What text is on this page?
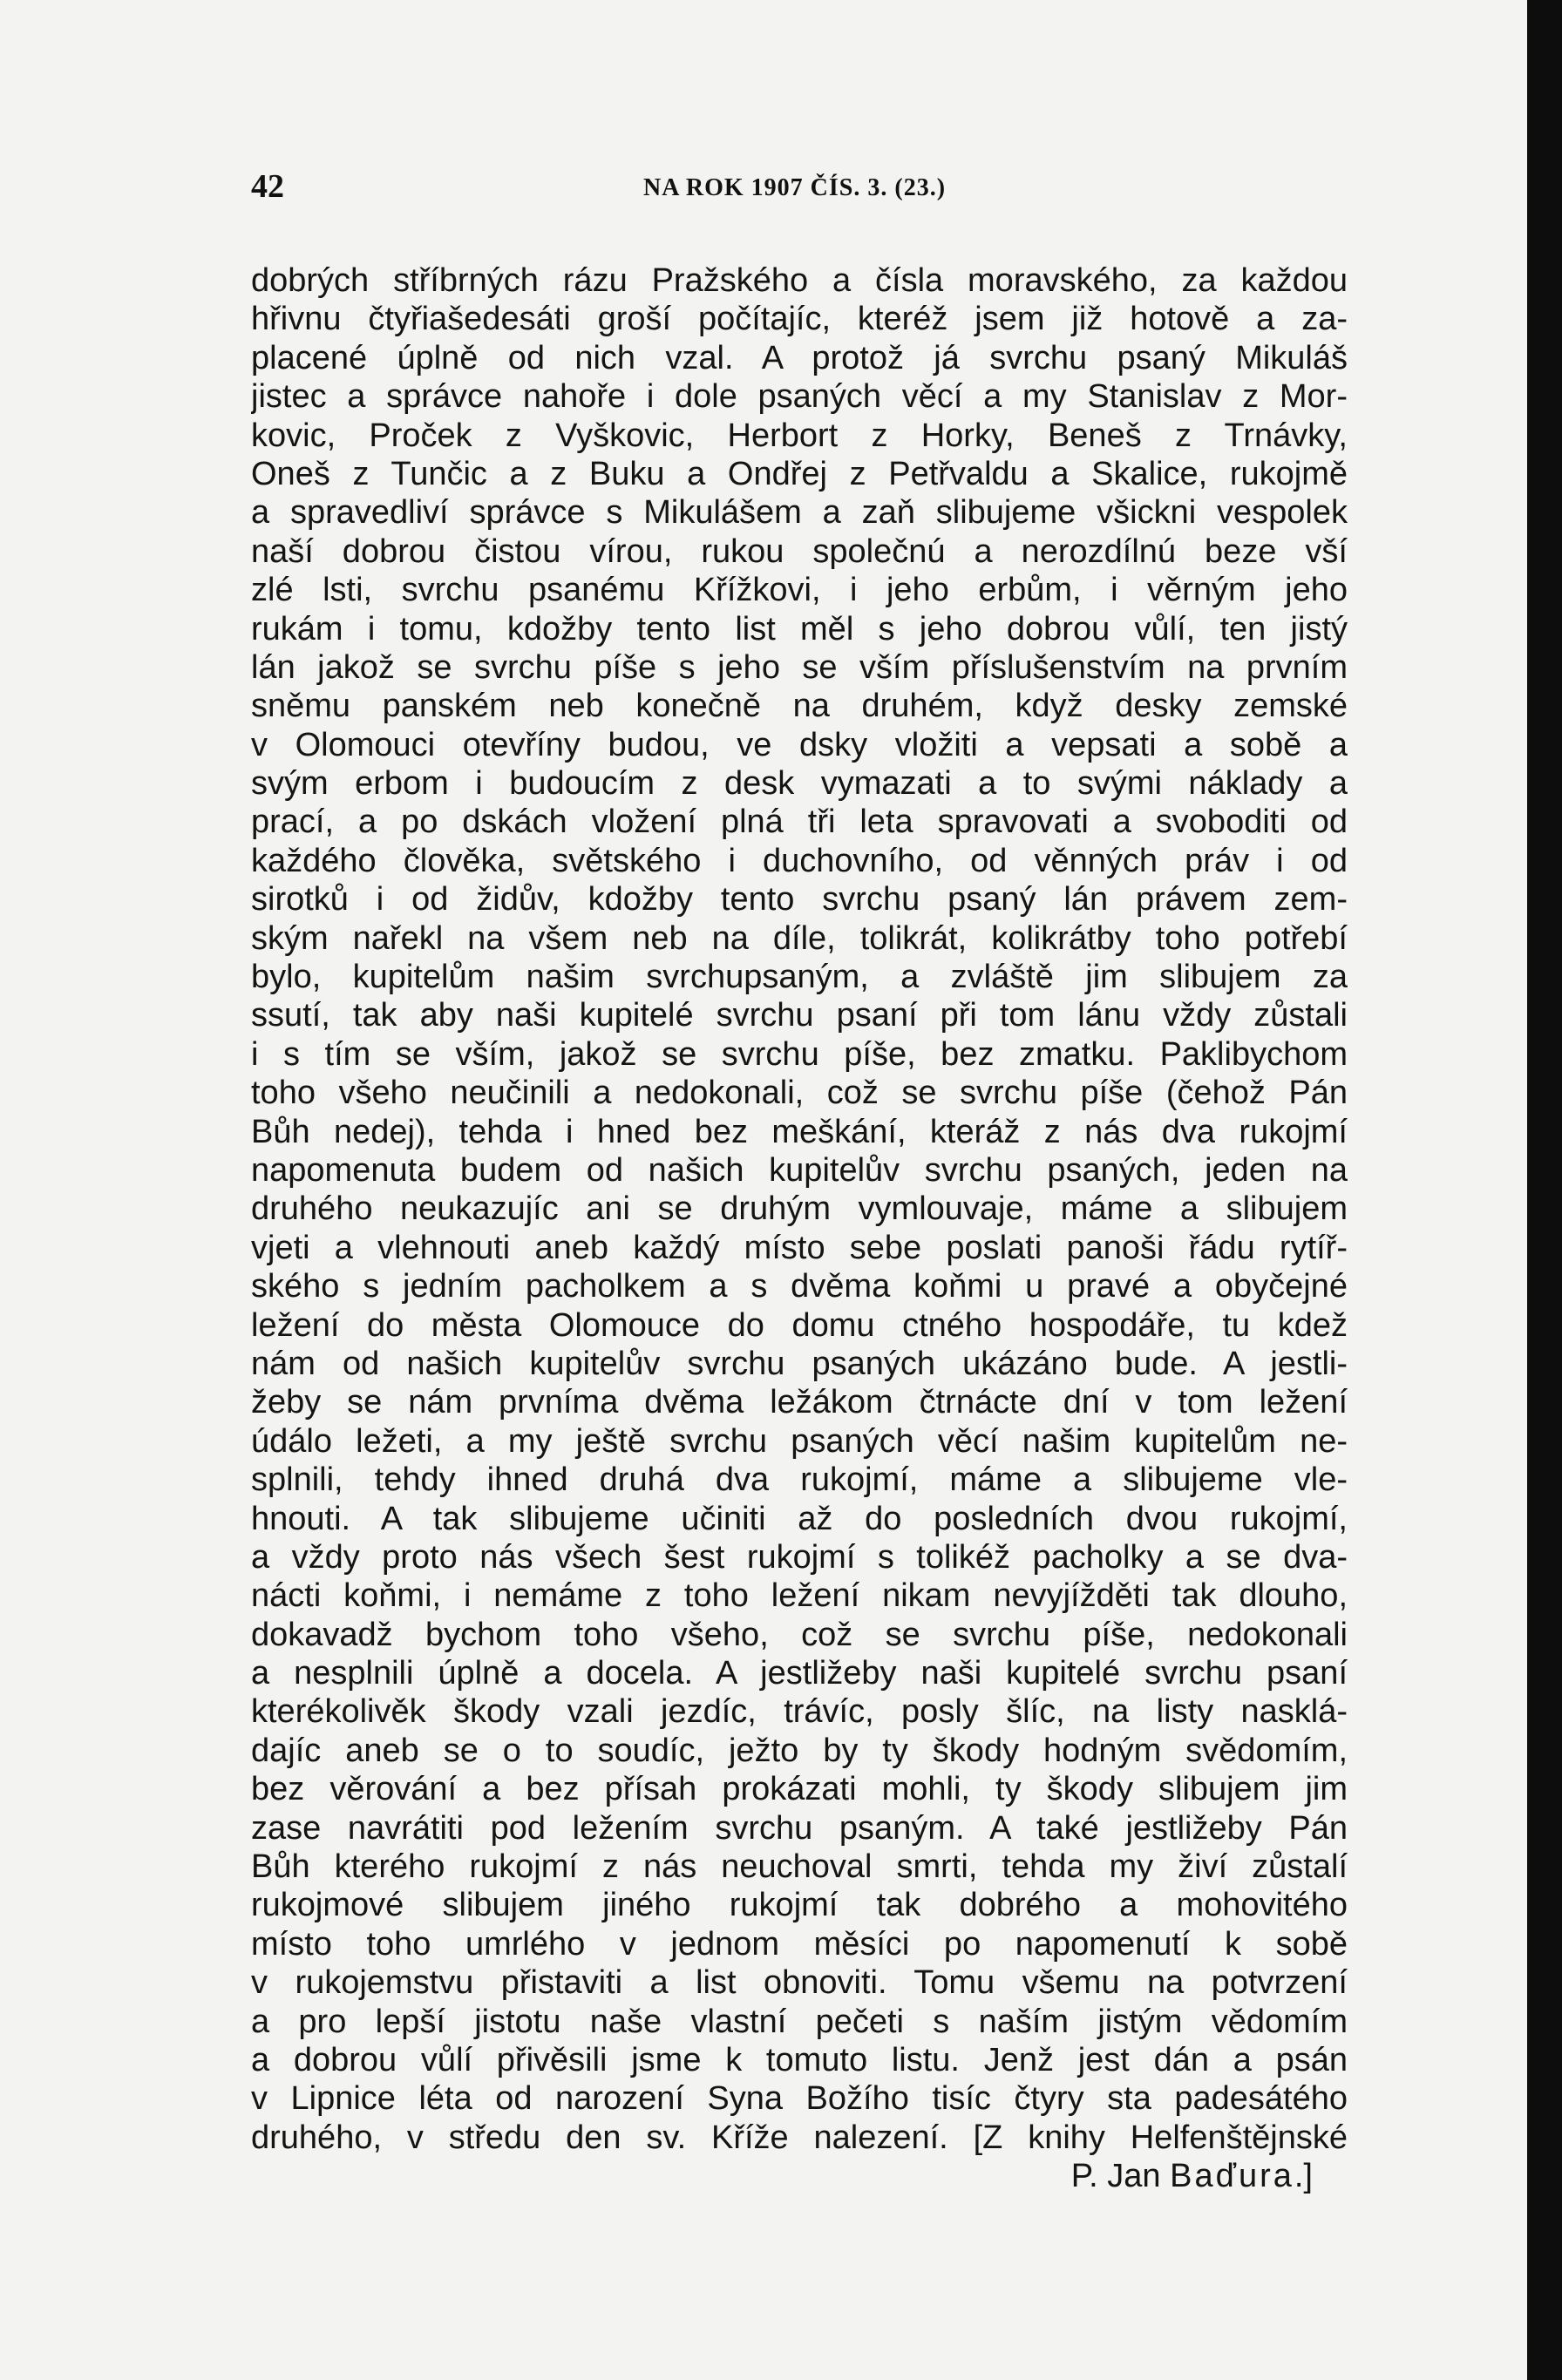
42	NA ROK 1907 ČÍS. 3. (23.)
dobrých stříbrných rázu Pražského a čísla moravského, za každou
hřivnu čtyřiašedesáti groší počítajíc, kteréž jsem již hotově a za-
placené úplně od nich vzal. A protož já svrchu psaný Mikuláš
jistec a správce nahoře i dole psaných věcí a my Stanislav z Mor-
kovic, Proček z Vyškovic, Herbort z Horky, Beneš z Trnávky,
Oneš z Tunčic a z Buku a Ondřej z Petřvaldu a Skalice, rukojmě
a spravedliví správce s Mikulášem a zaň slibujeme všickni vespolek
naší dobrou čistou vírou, rukou společnú a nerozdílnú beze vší
zlé lsti, svrchu psanému Křížkovi, i jeho erbům, i věrným jeho
rukám i tomu, kdožby tento list měl s jeho dobrou vůlí, ten jistý
lán jakož se svrchu píše s jeho se vším příslušenstvím na prvním
sněmu panském neb konečně na druhém, když desky zemské
v Olomouci otevříny budou, ve dsky vložiti a vepsati a sobě a
svým erbom i budoucím z desk vymazati a to svými náklady a
prací, a po dskách vložení plná tři leta spravovati a svoboditi od
každého člověka, světského i duchovního, od věnných práv i od
sirotků i od židův, kdožby tento svrchu psaný lán právem zem-
ským nařekl na všem neb na díle, tolikrát, kolikrátby toho potřebí
bylo, kupitelům našim svrchupsaným, a zvláště jim slibujem za
ssutí, tak aby naši kupitelé svrchu psaní při tom lánu vždy zůstali
i s tím se vším, jakož se svrchu píše, bez zmatku. Paklibychom
toho všeho neučinili a nedokonali, což se svrchu píše (čehož Pán
Bůh nedej), tehda i hned bez meškání, kteráž z nás dva rukojmí
napomenuta budem od našich kupitelův svrchu psaných, jeden na
druhého neukazujíc ani se druhým vymlouvaje, máme a slibujem
vjeti a vlehnouti aneb každý místo sebe poslati panoši řádu rytíř-
ského s jedním pacholkem a s dvěma koňmi u pravé a obyčejné
ležení do města Olomouce do domu ctného hospodáře, tu kdež
nám od našich kupitelův svrchu psaných ukázáno bude. A jestli-
žeby se nám prvníma dvěma ležákom čtrnácte dní v tom ležení
údálo ležeti, a my ještě svrchu psaných věcí našim kupitelům ne-
splnili, tehdy ihned druhá dva rukojmí, máme a slibujeme vle-
hnouti. A tak slibujeme učiniti až do posledních dvou rukojmí,
a vždy proto nás všech šest rukojmí s tolikéž pacholky a se dva-
nácti koňmi, i nemáme z toho ležení nikam nevyjížděti tak dlouho,
dokavadž bychom toho všeho, což se svrchu píše, nedokonali
a nesplnili úplně a docela. A jestližeby naši kupitelé svrchu psaní
kterékolivěk škody vzali jezdíc, trávíc, posly šlíc, na listy nasklá-
dajíc aneb se o to soudíc, ježto by ty škody hodným svědomím,
bez věrování a bez přísah prokázati mohli, ty škody slibujem jim
zase navrátiti pod ležením svrchu psaným. A také jestližeby Pán
Bůh kterého rukojmí z nás neuchoval smrti, tehda my živí zůstalí
rukojmové slibujem jiného rukojmí tak dobrého a mohovitého
místo toho umrlého v jednom měsíci po napomenutí k sobě
v rukojemstvu přistaviti a list obnoviti. Tomu všemu na potvrzení
a pro lepší jistotu naše vlastní pečeti s naším jistým vědomím
a dobrou vůlí přivěsili jsme k tomuto listu. Jenž jest dán a psán
v Lipnice léta od narození Syna Božího tisíc čtyry sta padesátého
druhého, v středu den sv. Kříže nalezení. [Z knihy Helfenštějnské
P. Jan Baďura.]
